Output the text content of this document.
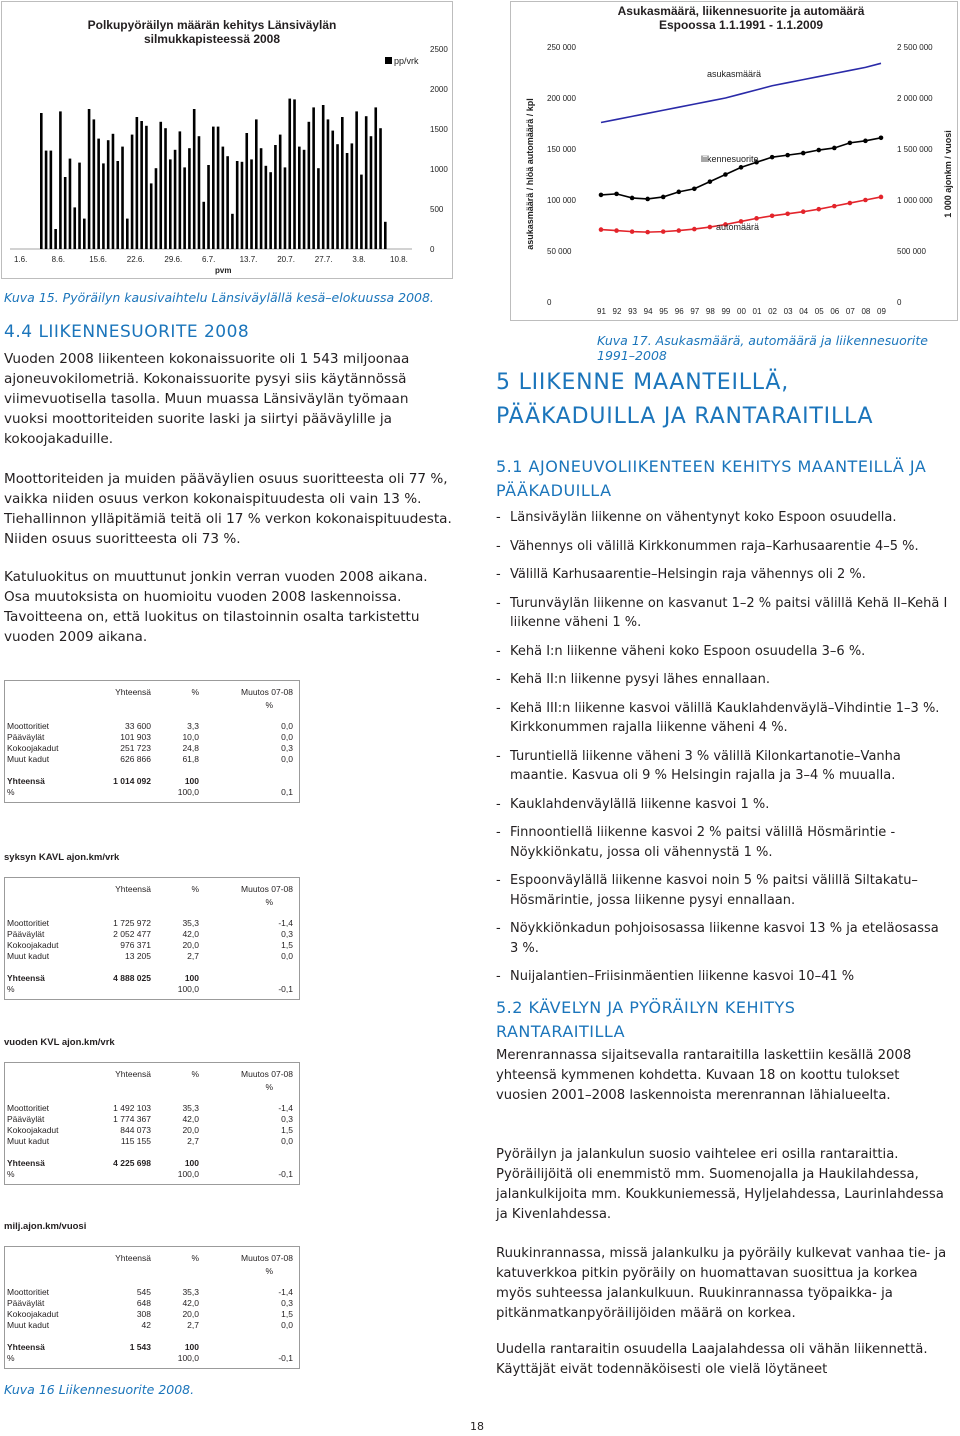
Polkupyöräilyn määrän kehitys Länsiväylän silmukkapisteessä 2008
2500
2000
1500
1000
500
0
1.6.	8.6.	15.6. 22.6. 29.6. 6.7.	13.7. 20.7. 27.7. 3.8.	10.8.
pvm
pp/vrk
Asukasmäärä, liikennesuorite ja automäärä Espoossa 1.1.1991 - 1.1.2009
250 000
200 000
150 000
100 000
50 000
0
2 500 000
2 000 000
1 500 000
1 000 000
500 000
0
91 92 93 94 95 96 97 98 99 00 01 02 03 04 05 06 07 08 09
asukasmäärä / hlöä automäärä / kpl	1 000 ajonkm / vuosi
asukasmäärä
liikennesuorite
automäärä
Kuva 15. Pyöräilyn kausivaihtelu Länsiväylällä kesä–elokuussa 2008.
4.4 LIIKENNESUORITE 2008
Vuoden 2008 liikenteen kokonaissuorite oli 1 543 miljoonaa ajoneuvokilometriä. Kokonaissuorite pysyi siis käytännössä viimevuotisella tasolla. Muun muassa Länsiväylän työmaan vuoksi moottoriteiden suorite laski ja siirtyi pääväylille ja kokoojakaduille.
Moottoriteiden ja muiden pääväylien osuus suoritteesta oli 77 %, vaikka niiden osuus verkon kokonaispituudesta oli vain 13 %. Tiehallinnon ylläpitämiä teitä oli 17 % verkon kokonaispituudesta. Niiden osuus suoritteesta oli 73 %.
Katuluokitus on muuttunut jonkin verran vuoden 2008 aikana. Osa muutoksista on huomioitu vuoden 2008 laskennoissa. Tavoitteena on, että luokitus on tilastoinnin osalta tarkistettu vuoden 2009 aikana.
Yhteensä	%	Muutos 07-08
%
Moottoritiet	33 600	3,3	0,0
Pääväylät	101 903	10,0	0,0
Kokoojakadut	251 723	24,8	0,3
Muut kadut	626 866	61,8	0,0
Yhteensä	1 014 092	100
%	100,0	0,1
syksyn KAVL ajon.km/vrk
Yhteensä	%	Muutos 07-08
%
Moottoritiet	1 725 972	35,3	-1,4
Pääväylät	2 052 477	42,0	0,3
Kokoojakadut	976 371	20,0	1,5
Muut kadut	13 205	2,7	0,0
Yhteensä	4 888 025	100
%	100,0	-0,1
vuoden KVL ajon.km/vrk
Yhteensä	%	Muutos 07-08
%
Moottoritiet	1 492 103	35,3	-1,4
Pääväylät	1 774 367	42,0	0,3
Kokoojakadut	844 073	20,0	1,5
Muut kadut	115 155	2,7	0,0
Yhteensä	4 225 698	100
%	100,0	-0,1
milj.ajon.km/vuosi
Yhteensä	%	Muutos 07-08
%
Moottoritiet	545	35,3	-1,4
Pääväylät	648	42,0	0,3
Kokoojakadut	308	20,0	1,5
Muut kadut	42	2,7	0,0
Yhteensä	1 543	100
%	100,0	-0,1
Kuva 16 Liikennesuorite 2008.
Kuva 17. Asukasmäärä, automäärä ja liikennesuorite 1991–2008
5 LIIKENNE MAANTEILLÄ,
PÄÄKADUILLA JA RANTARAITILLA
5.1 AJONEUVOLIIKENTEEN KEHITYS MAANTEILLÄ JA PÄÄKADUILLA
- Länsiväylän liikenne on vähentynyt koko Espoon osuudella.
- Vähennys oli välillä Kirkkonummen raja–Karhusaarentie 4–5 %.
- Välillä Karhusaarentie–Helsingin raja vähennys oli 2 %.
- Turunväylän liikenne on kasvanut 1–2 % paitsi välillä Kehä II–Kehä I liikenne väheni 1 %.
- Kehä I:n liikenne väheni koko Espoon osuudella 3–6 %.
- Kehä II:n liikenne pysyi lähes ennallaan.
- Kehä III:n liikenne kasvoi välillä Kauklahdenväylä–Vihdintie 1–3 %. Kirkkonummen rajalla liikenne väheni 4 %.
- Turuntiellä liikenne väheni 3 % välillä Kilonkartanotie–Vanha maantie. Kasvua oli 9 % Helsingin rajalla ja 3–4 % muualla.
- Kauklahdenväylällä liikenne kasvoi 1 %.
- Finnoontiellä liikenne kasvoi 2 % paitsi välillä Hösmärintie -Nöykkiönkatu, jossa oli vähennystä 1 %.
- Espoonväylällä liikenne kasvoi noin 5 % paitsi välillä Siltakatu–Hösmärintie, jossa liikenne pysyi ennallaan.
- Nöykkiönkadun pohjoisosassa liikenne kasvoi 13 % ja eteläosassa 3 %.
- Nuijalantien–Friisinmäentien liikenne kasvoi 10–41 %
5.2 KÄVELYN JA PYÖRÄILYN KEHITYS RANTARAITILLA
Merenrannassa sijaitsevalla rantaraitilla laskettiin kesällä 2008 yhteensä kymmenen kohdetta. Kuvaan 18 on koottu tulokset vuosien 2001–2008 laskennoista merenrannan lähialueelta.
Pyöräilyn ja jalankulun suosio vaihtelee eri osilla rantaraittia. Pyöräilijöitä oli enemmistö mm. Suomenojalla ja Haukilahdessa, jalankulkijoita mm. Koukkuniemessä, Hyljelahdessa, Laurinlahdessa ja Kivenlahdessa.
Ruukinrannassa, missä jalankulku ja pyöräily kulkevat vanhaa tie- ja katuverkkoa pitkin pyöräily on huomattavan suosittua ja korkea myös suhteessa jalankulkuun. Ruukinrannassa työpaikka- ja pitkänmatkanpyöräilijöiden määrä on korkea.
Uudella rantaraitin osuudella Laajalahdessa oli vähän liikennettä. Käyttäjät eivät todennäköisesti ole vielä löytäneet
18
